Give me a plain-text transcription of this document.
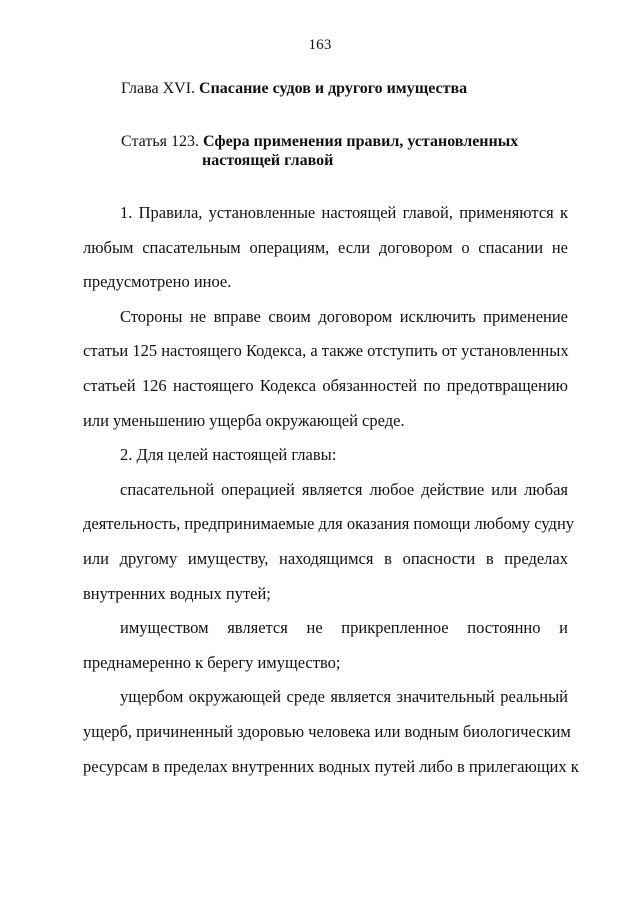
163
Глава XVI. Спасание судов и другого имущества
Статья 123. Сфера применения правил, установленных
настоящей главой
1. Правила, установленные настоящей главой, применяются к
любым спасательным операциям, если договором о спасании не
предусмотрено иное.
Стороны не вправе своим договором исключить применение
статьи 125 настоящего Кодекса, а также отступить от установленных
статьей 126 настоящего Кодекса обязанностей по предотвращению
или уменьшению ущерба окружающей среде.
2. Для целей настоящей главы:
спасательной операцией является любое действие или любая
деятельность, предпринимаемые для оказания помощи любому судну
или другому имуществу, находящимся в опасности в пределах
внутренних водных путей;
имуществом является не прикрепленное постоянно и
преднамеренно к берегу имущество;
ущербом окружающей среде является значительный реальный
ущерб, причиненный здоровью человека или водным биологическим
ресурсам в пределах внутренних водных путей либо в прилегающих к
